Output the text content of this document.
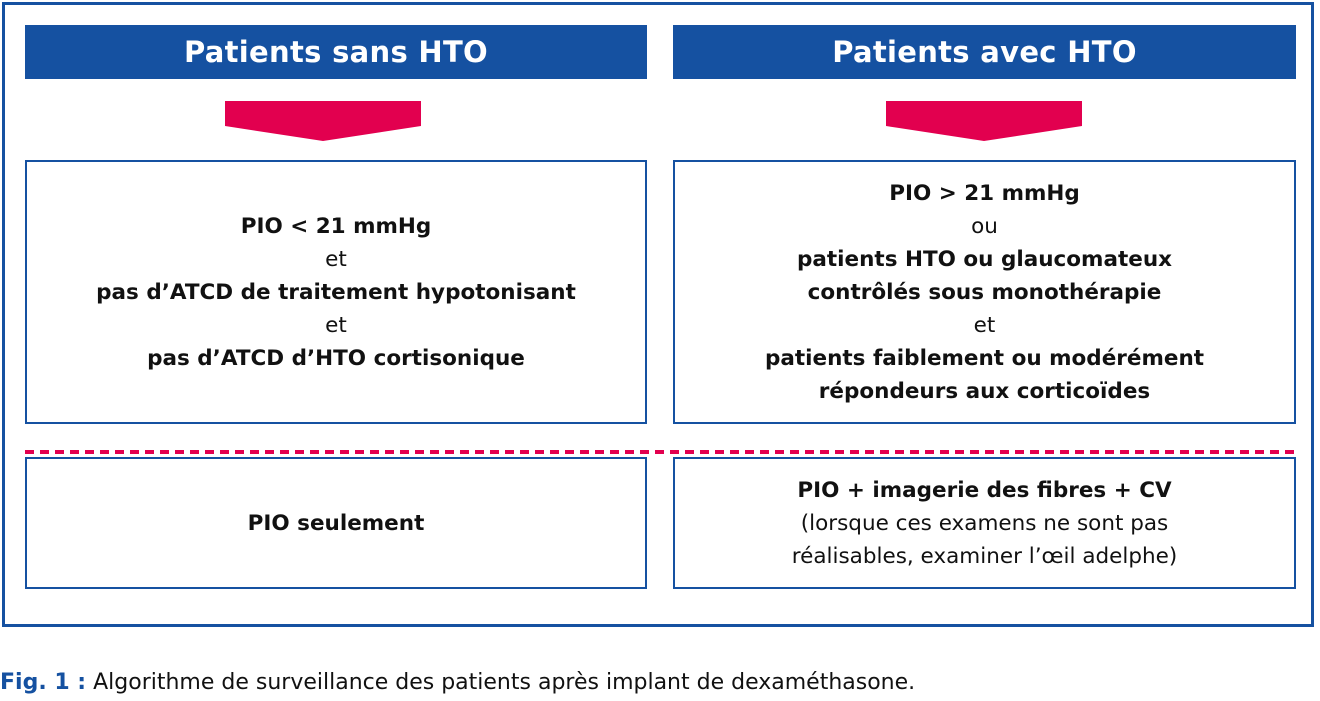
Patients sans HTO	Patients avec HTO
PIO < 21 mmHg
et
pas d’ATCD de traitement hypotonisant
et
pas d’ATCD d’HTO cortisonique
PIO > 21 mmHg
ou
patients HTO ou glaucomateux
contrôlés sous monothérapie
et
patients faiblement ou modérément
répondeurs aux corticoïdes
PIO seulement
PIO + imagerie des fibres + CV
(lorsque ces examens ne sont pas
réalisables, examiner l’œil adelphe)
Fig. 1 : Algorithme de surveillance des patients après implant de dexaméthasone.
